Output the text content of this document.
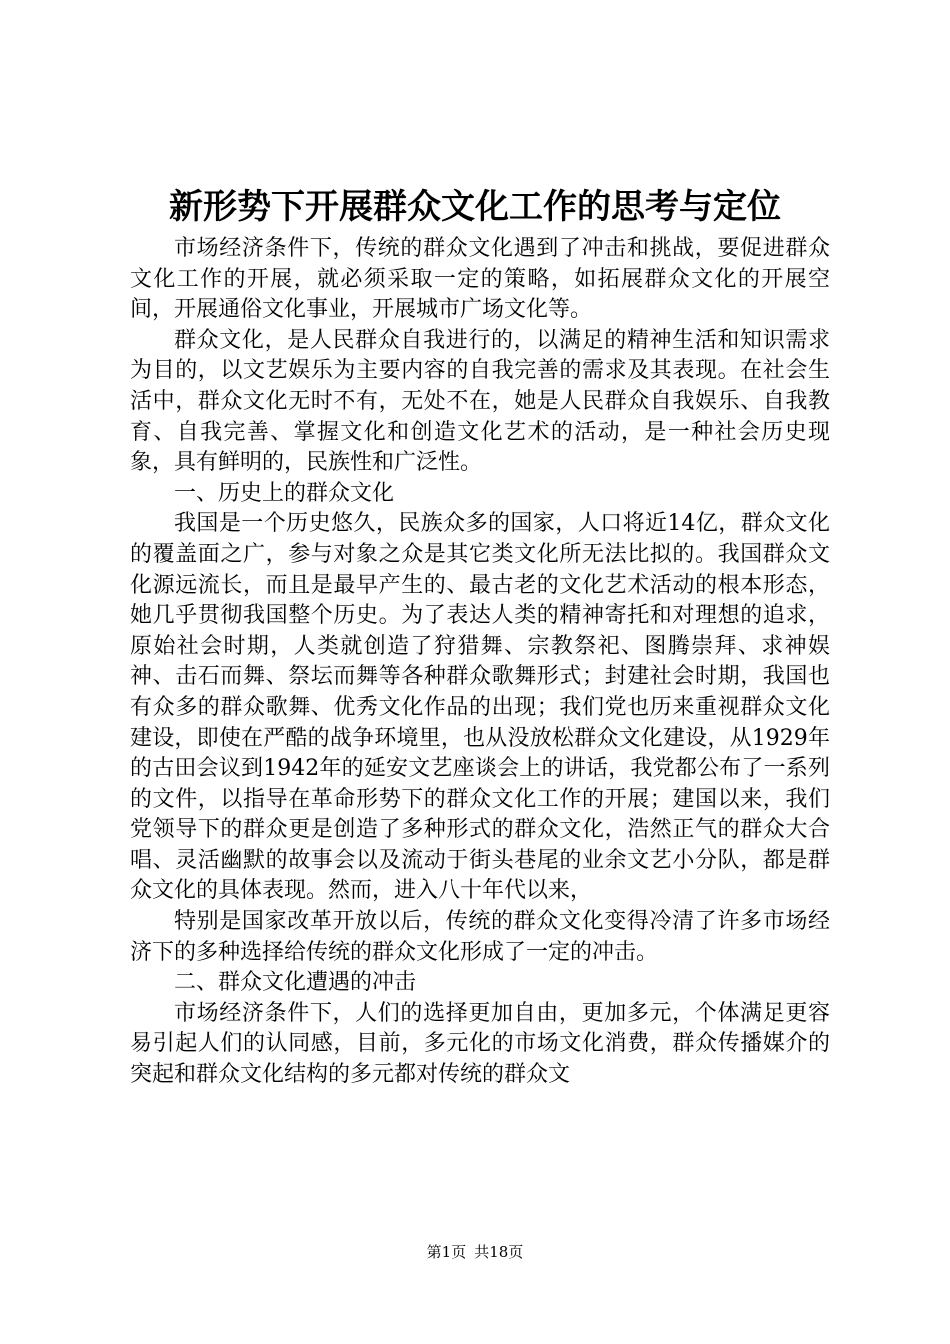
新形势下开展群众文化工作的思考与定位

市场经济条件下，传统的群众文化遇到了冲击和挑战，要促进群众文化工作的开展，就必须采取一定的策略，如拓展群众文化的开展空间，开展通俗文化事业，开展城市广场文化等。

群众文化，是人民群众自我进行的，以满足的精神生活和知识需求为目的，以文艺娱乐为主要内容的自我完善的需求及其表现。在社会生活中，群众文化无时不有，无处不在，她是人民群众自我娱乐、自我教育、自我完善、掌握文化和创造文化艺术的活动，是一种社会历史现象，具有鲜明的，民族性和广泛性。

一、历史上的群众文化

我国是一个历史悠久，民族众多的国家，人口将近14亿，群众文化的覆盖面之广，参与对象之众是其它类文化所无法比拟的。我国群众文化源远流长，而且是最早产生的、最古老的文化艺术活动的根本形态，她几乎贯彻我国整个历史。为了表达人类的精神寄托和对理想的追求，原始社会时期，人类就创造了狩猎舞、宗教祭祀、图腾崇拜、求神娱神、击石而舞、祭坛而舞等各种群众歌舞形式；封建社会时期，我国也有众多的群众歌舞、优秀文化作品的出现；我们党也历来重视群众文化建设，即使在严酷的战争环境里，也从没放松群众文化建设，从1929年的古田会议到1942年的延安文艺座谈会上的讲话，我党都公布了一系列的文件，以指导在革命形势下的群众文化工作的开展；建国以来，我们党领导下的群众更是创造了多种形式的群众文化，浩然正气的群众大合唱、灵活幽默的故事会以及流动于街头巷尾的业余文艺小分队，都是群众文化的具体表现。然而，进入八十年代以来，

特别是国家改革开放以后，传统的群众文化变得冷清了许多市场经济下的多种选择给传统的群众文化形成了一定的冲击。

二、群众文化遭遇的冲击

市场经济条件下，人们的选择更加自由，更加多元，个体满足更容易引起人们的认同感，目前，多元化的市场文化消费，群众传播媒介的突起和群众文化结构的多元都对传统的群众文

第1页 共18页
